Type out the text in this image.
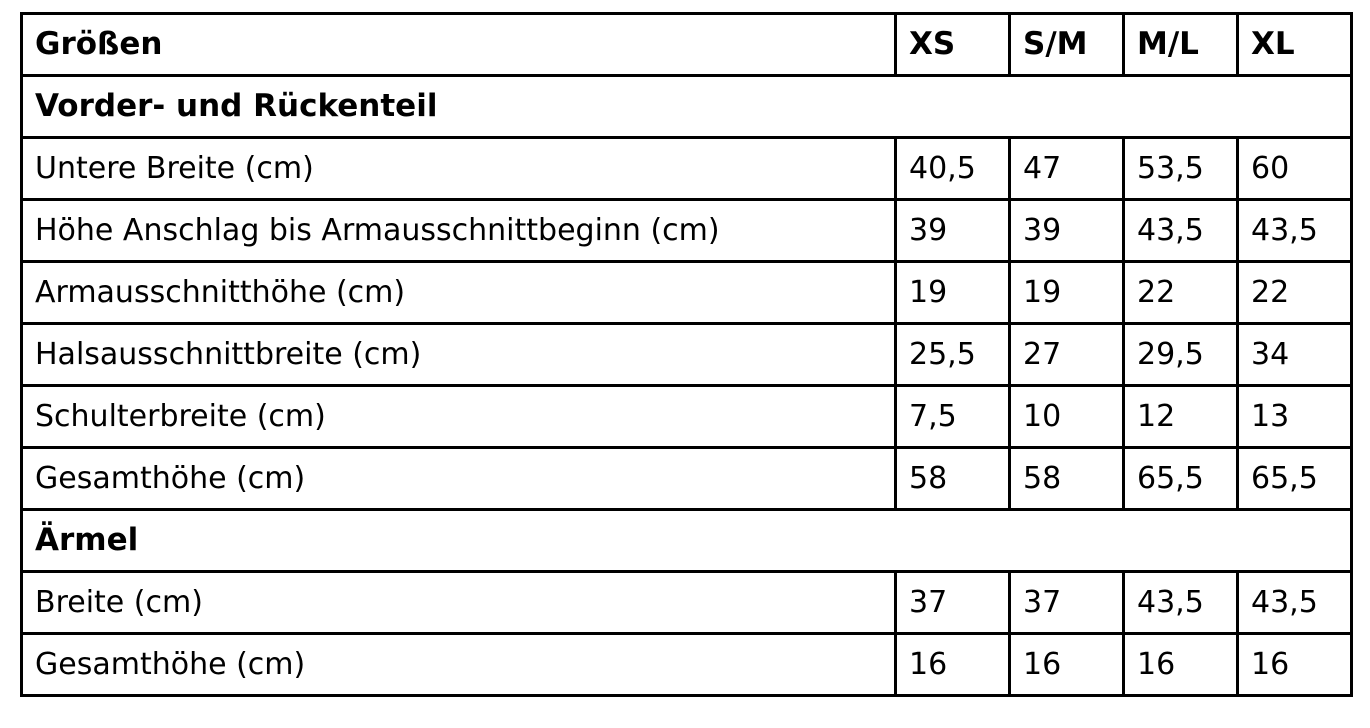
Größen	XS	S/M	M/L	XL
Vorder- und Rückenteil				
Untere Breite (cm)	40,5	47	53,5	60
Höhe Anschlag bis Armausschnittbeginn (cm)	39	39	43,5	43,5
Armausschnitthöhe (cm)	19	19	22	22
Halsausschnittbreite (cm)	25,5	27	29,5	34
Schulterbreite (cm)	7,5	10	12	13
Gesamthöhe (cm)	58	58	65,5	65,5
Ärmel				
Breite (cm)	37	37	43,5	43,5
Gesamthöhe (cm)	16	16	16	16
